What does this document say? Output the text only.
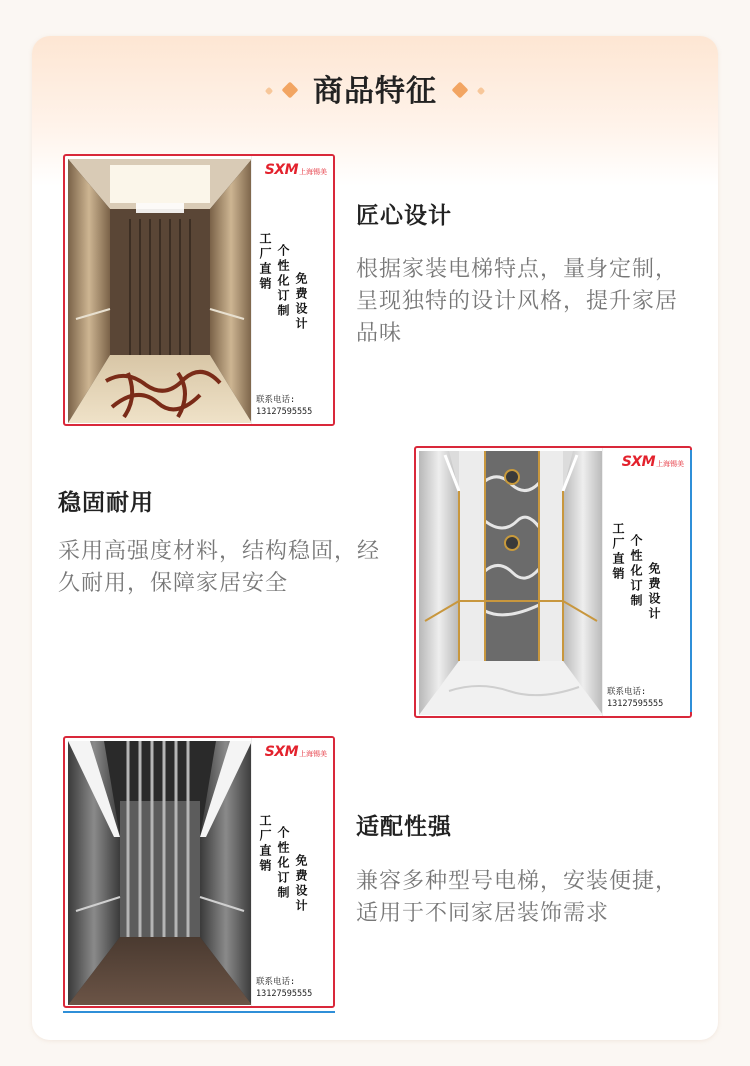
商品特征
SXM 上海锡美
工厂直销 个性化订制 免费设计
联系电话:
13127595555
匠心设计
根据家装电梯特点，量身定制，
呈现独特的设计风格，提升家居
品味
稳固耐用
采用高强度材料，结构稳固，经
久耐用，保障家居安全
SXM 上海锡美
工厂直销 个性化订制 免费设计
联系电话:
13127595555
SXM 上海锡美
工厂直销 个性化订制 免费设计
联系电话:
13127595555
适配性强
兼容多种型号电梯，安装便捷，
适用于不同家居装饰需求
